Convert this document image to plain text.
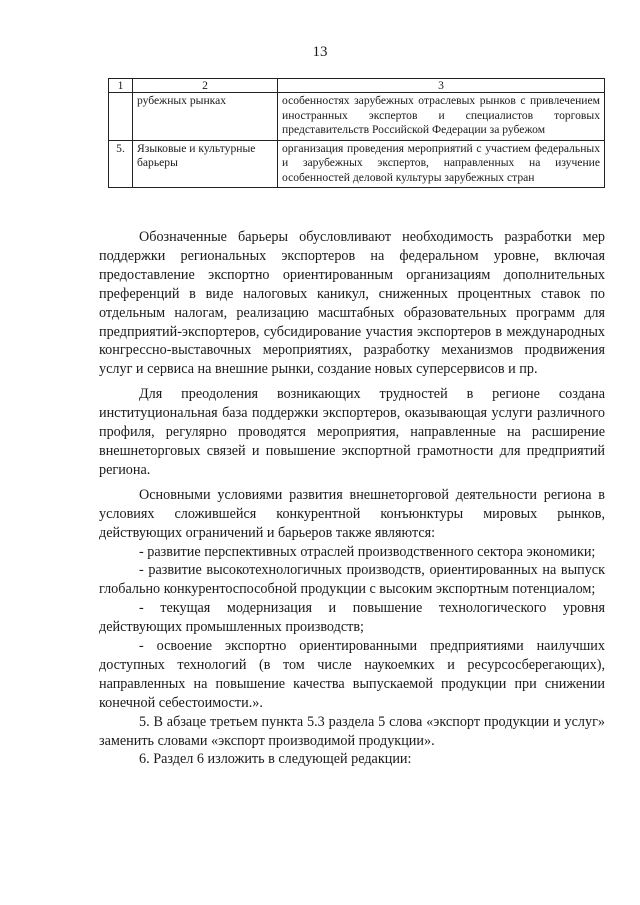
13
1	2	3
	рубежных рынках	особенностях зарубежных отраслевых рынков с привлечением иностранных экспертов и специалистов торговых представительств Российской Федерации за рубежом
5.	Языковые и культурные барьеры	организация проведения мероприятий с участием федеральных и зарубежных экспертов, направленных на изучение особенностей деловой культуры зарубежных стран

Обозначенные барьеры обусловливают необходимость разработки мер поддержки региональных экспортеров на федеральном уровне, включая предоставление экспортно ориентированным организациям дополнительных преференций в виде налоговых каникул, сниженных процентных ставок по отдельным налогам, реализацию масштабных образовательных программ для предприятий-экспортеров, субсидирование участия экспортеров в международных конгрессно-выставочных мероприятиях, разработку механизмов продвижения услуг и сервиса на внешние рынки, создание новых суперсервисов и пр.

Для преодоления возникающих трудностей в регионе создана институциональная база поддержки экспортеров, оказывающая услуги различного профиля, регулярно проводятся мероприятия, направленные на расширение внешнеторговых связей и повышение экспортной грамотности для предприятий региона.

Основными условиями развития внешнеторговой деятельности региона в условиях сложившейся конкурентной конъюнктуры мировых рынков, действующих ограничений и барьеров также являются:

- развитие перспективных отраслей производственного сектора экономики;

- развитие высокотехнологичных производств, ориентированных на выпуск глобально конкурентоспособной продукции с высоким экспортным потенциалом;

- текущая модернизация и повышение технологического уровня действующих промышленных производств;

- освоение экспортно ориентированными предприятиями наилучших доступных технологий (в том числе наукоемких и ресурсосберегающих), направленных на повышение качества выпускаемой продукции при снижении конечной себестоимости.».

5. В абзаце третьем пункта 5.3 раздела 5 слова «экспорт продукции и услуг» заменить словами «экспорт производимой продукции».

6. Раздел 6 изложить в следующей редакции:
